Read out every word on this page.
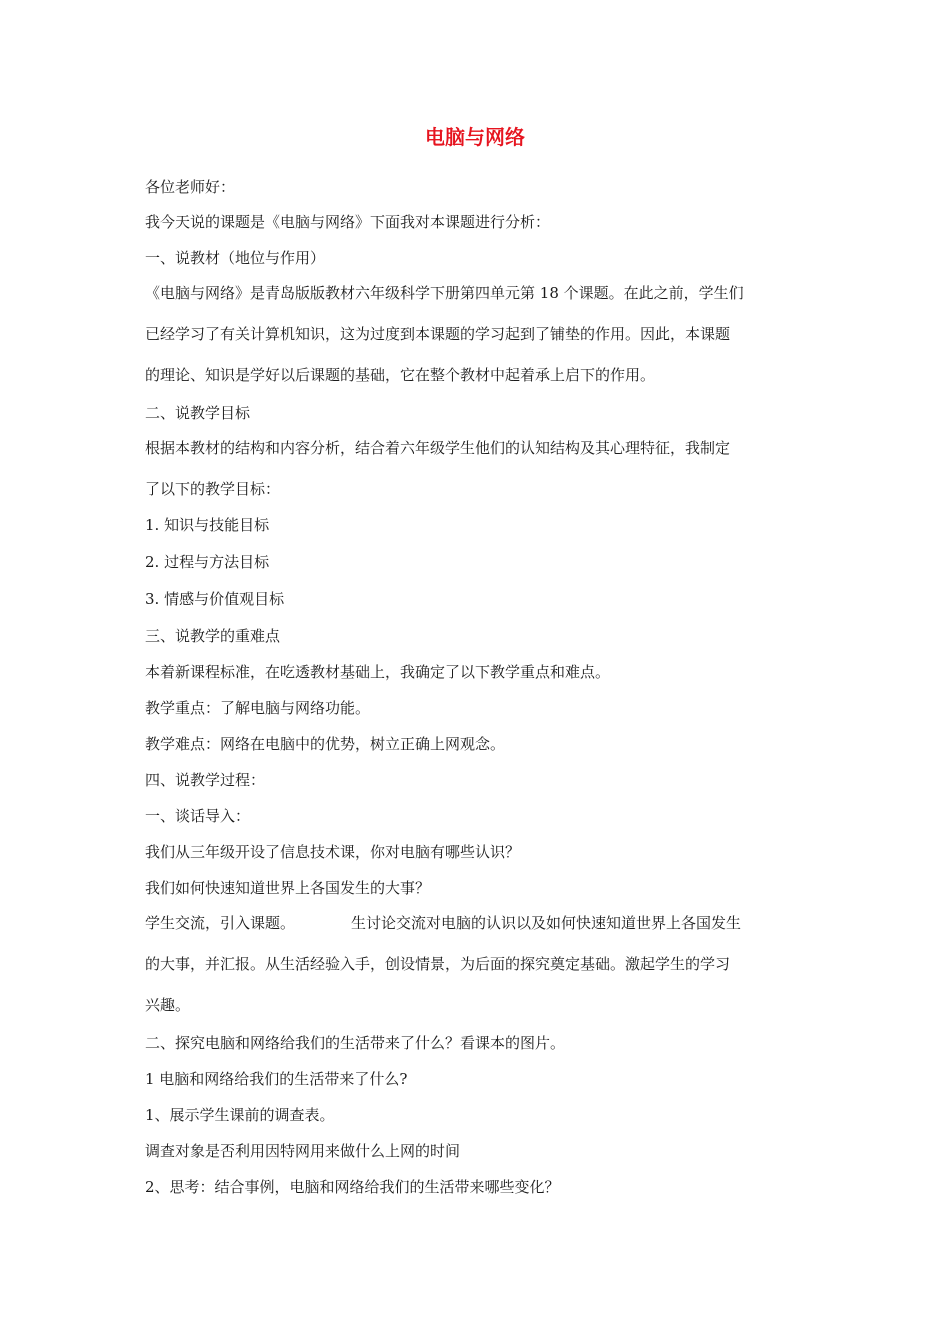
电脑与网络

各位老师好：

我今天说的课题是《电脑与网络》下面我对本课题进行分析：

一、说教材（地位与作用）

《电脑与网络》是青岛版版教材六年级科学下册第四单元第 18 个课题。在此之前，学生们
已经学习了有关计算机知识，这为过度到本课题的学习起到了铺垫的作用。因此，本课题
的理论、知识是学好以后课题的基础，它在整个教材中起着承上启下的作用。

二、说教学目标

根据本教材的结构和内容分析，结合着六年级学生他们的认知结构及其心理特征，我制定
了以下的教学目标：

1. 知识与技能目标

2. 过程与方法目标

3. 情感与价值观目标

三、说教学的重难点

本着新课程标准，在吃透教材基础上，我确定了以下教学重点和难点。

教学重点：了解电脑与网络功能。

教学难点：网络在电脑中的优势，树立正确上网观念。

四、说教学过程：

一、谈话导入：

我们从三年级开设了信息技术课，你对电脑有哪些认识？

我们如何快速知道世界上各国发生的大事？

学生交流，引入课题。	生讨论交流对电脑的认识以及如何快速知道世界上各国发生
的大事，并汇报。从生活经验入手，创设情景，为后面的探究奠定基础。激起学生的学习
兴趣。

二、探究电脑和网络给我们的生活带来了什么？看课本的图片。

1 电脑和网络给我们的生活带来了什么?

1、展示学生课前的调查表。

调查对象是否利用因特网用来做什么上网的时间

2、思考：结合事例，电脑和网络给我们的生活带来哪些变化？
